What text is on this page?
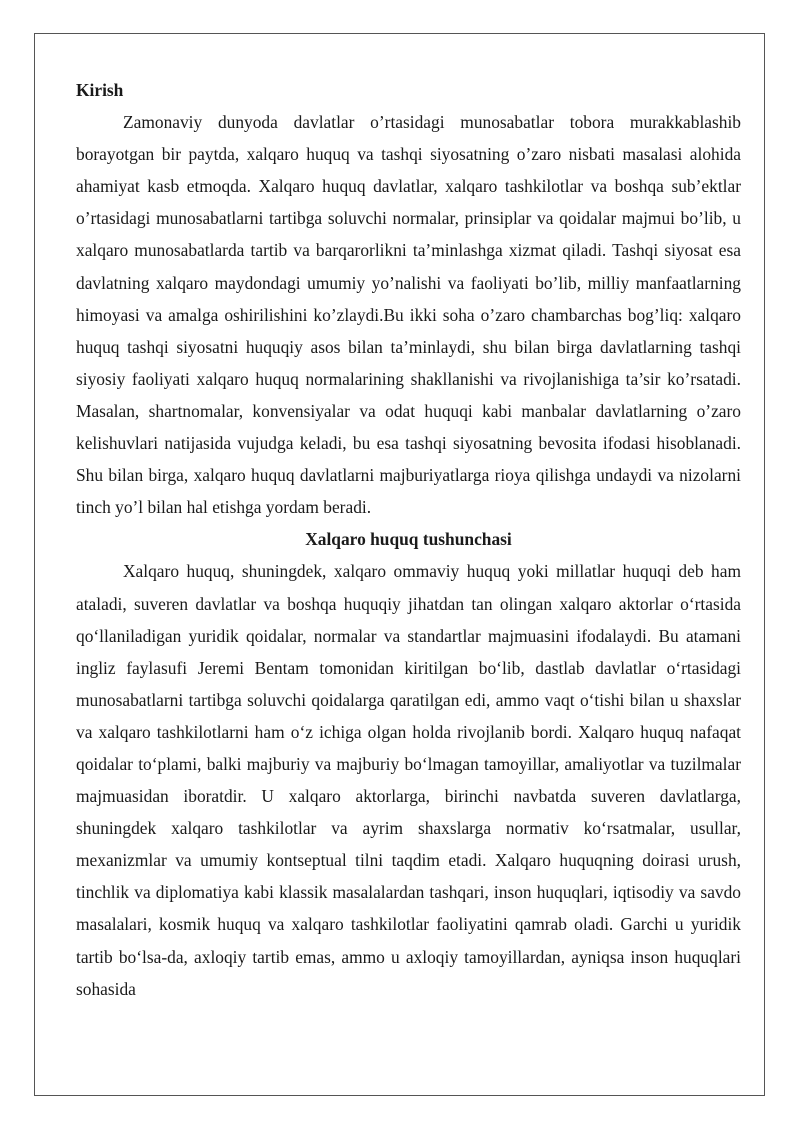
Kirish

Zamonaviy dunyoda davlatlar o’rtasidagi munosabatlar tobora murakkablashib borayotgan bir paytda, xalqaro huquq va tashqi siyosatning o’zaro nisbati masalasi alohida ahamiyat kasb etmoqda. Xalqaro huquq davlatlar, xalqaro tashkilotlar va boshqa sub’ektlar o’rtasidagi munosabatlarni tartibga soluvchi normalar, prinsiplar va qoidalar majmui bo’lib, u xalqaro munosabatlarda tartib va barqarorlikni ta’minlashga xizmat qiladi. Tashqi siyosat esa davlatning xalqaro maydondagi umumiy yo’nalishi va faoliyati bo’lib, milliy manfaatlarning himoyasi va amalga oshirilishini ko’zlaydi.Bu ikki soha o’zaro chambarchas bog’liq: xalqaro huquq tashqi siyosatni huquqiy asos bilan ta’minlaydi, shu bilan birga davlatlarning tashqi siyosiy faoliyati xalqaro huquq normalarining shakllanishi va rivojlanishiga ta’sir ko’rsatadi. Masalan, shartnomalar, konvensiyalar va odat huquqi kabi manbalar davlatlarning o’zaro kelishuvlari natijasida vujudga keladi, bu esa tashqi siyosatning bevosita ifodasi hisoblanadi. Shu bilan birga, xalqaro huquq davlatlarni majburiyatlarga rioya qilishga undaydi va nizolarni tinch yo’l bilan hal etishga yordam beradi.

Xalqaro huquq tushunchasi

Xalqaro huquq, shuningdek, xalqaro ommaviy huquq yoki millatlar huquqi deb ham ataladi, suveren davlatlar va boshqa huquqiy jihatdan tan olingan xalqaro aktorlar o‘rtasida qo‘llaniladigan yuridik qoidalar, normalar va standartlar majmuasini ifodalaydi. Bu atamani ingliz faylasufi Jeremi Bentam tomonidan kiritilgan bo‘lib, dastlab davlatlar o‘rtasidagi munosabatlarni tartibga soluvchi qoidalarga qaratilgan edi, ammo vaqt o‘tishi bilan u shaxslar va xalqaro tashkilotlarni ham o‘z ichiga olgan holda rivojlanib bordi. Xalqaro huquq nafaqat qoidalar to‘plami, balki majburiy va majburiy bo‘lmagan tamoyillar, amaliyotlar va tuzilmalar majmuasidan iboratdir. U xalqaro aktorlarga, birinchi navbatda suveren davlatlarga, shuningdek xalqaro tashkilotlar va ayrim shaxslarga normativ ko‘rsatmalar, usullar, mexanizmlar va umumiy kontseptual tilni taqdim etadi. Xalqaro huquqning doirasi urush, tinchlik va diplomatiya kabi klassik masalalardan tashqari, inson huquqlari, iqtisodiy va savdo masalalari, kosmik huquq va xalqaro tashkilotlar faoliyatini qamrab oladi. Garchi u yuridik tartib bo‘lsa-da, axloqiy tartib emas, ammo u axloqiy tamoyillardan, ayniqsa inson huquqlari sohasida
